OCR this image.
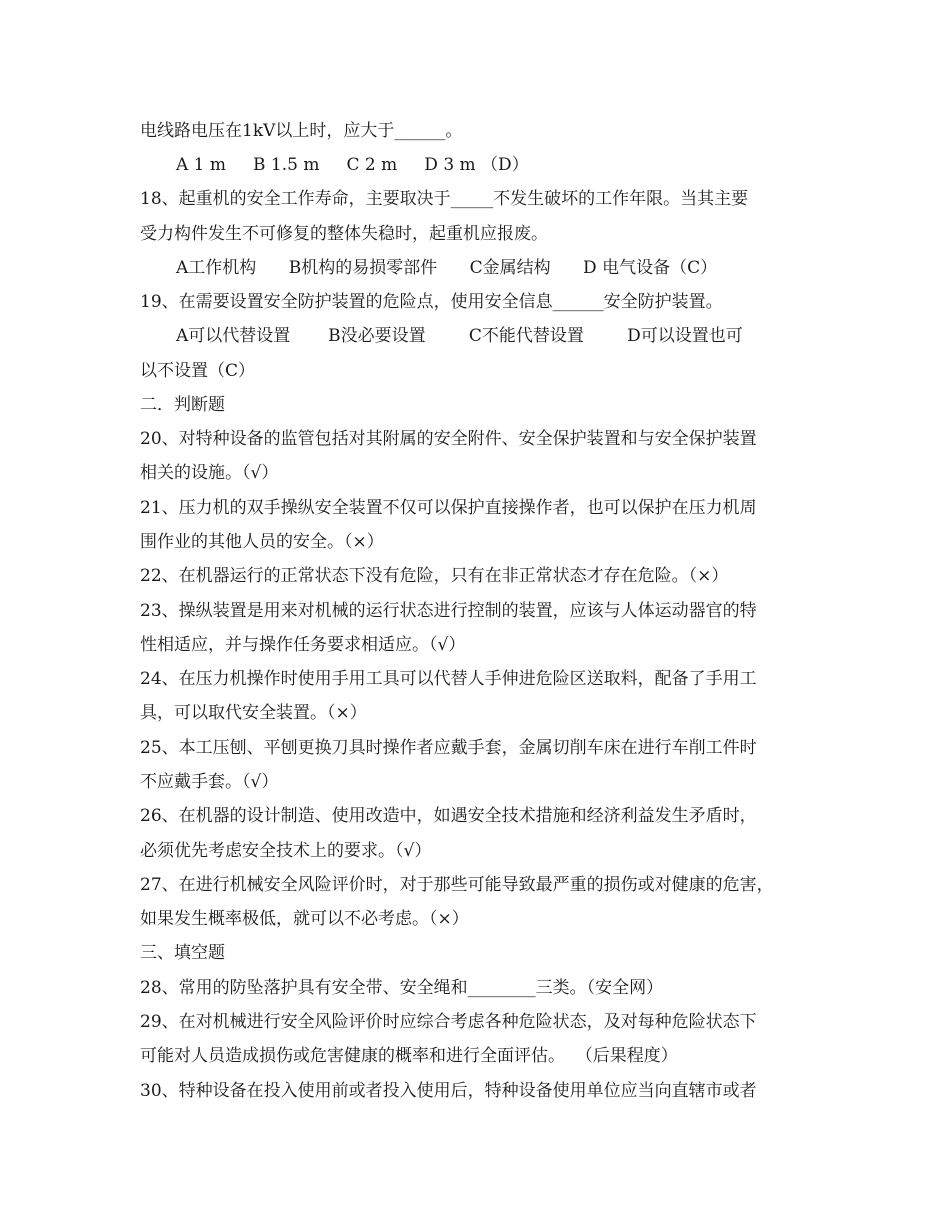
电线路电压在1kV以上时，应大于______。
A 1 m     B 1.5 m     C 2 m     D 3 m （D）
18、起重机的安全工作寿命，主要取决于_____不发生破坏的工作年限。当其主要
受力构件发生不可修复的整体失稳时，起重机应报废。
A工作机构      B机构的易损零部件      C金属结构      D 电气设备（C）
19、在需要设置安全防护装置的危险点，使用安全信息______安全防护装置。
A可以代替设置       B没必要设置        C不能代替设置        D可以设置也可
以不设置（C）
二．判断题
20、对特种设备的监管包括对其附属的安全附件、安全保护装置和与安全保护装置
相关的设施。（√）
21、压力机的双手操纵安全装置不仅可以保护直接操作者，也可以保护在压力机周
围作业的其他人员的安全。（×）
22、在机器运行的正常状态下没有危险，只有在非正常状态才存在危险。（×）
23、操纵装置是用来对机械的运行状态进行控制的装置，应该与人体运动器官的特
性相适应，并与操作任务要求相适应。（√）
24、在压力机操作时使用手用工具可以代替人手伸进危险区送取料，配备了手用工
具，可以取代安全装置。（×）
25、本工压刨、平刨更换刀具时操作者应戴手套，金属切削车床在进行车削工件时
不应戴手套。（√）
26、在机器的设计制造、使用改造中，如遇安全技术措施和经济利益发生矛盾时，
必须优先考虑安全技术上的要求。（√）
27、在进行机械安全风险评价时，对于那些可能导致最严重的损伤或对健康的危害，
如果发生概率极低，就可以不必考虑。（×）
三、填空题
28、常用的防坠落护具有安全带、安全绳和________三类。（安全网）
29、在对机械进行安全风险评价时应综合考虑各种危险状态，及对每种危险状态下
可能对人员造成损伤或危害健康的概率和进行全面评估。  （后果程度）
30、特种设备在投入使用前或者投入使用后，特种设备使用单位应当向直辖市或者
